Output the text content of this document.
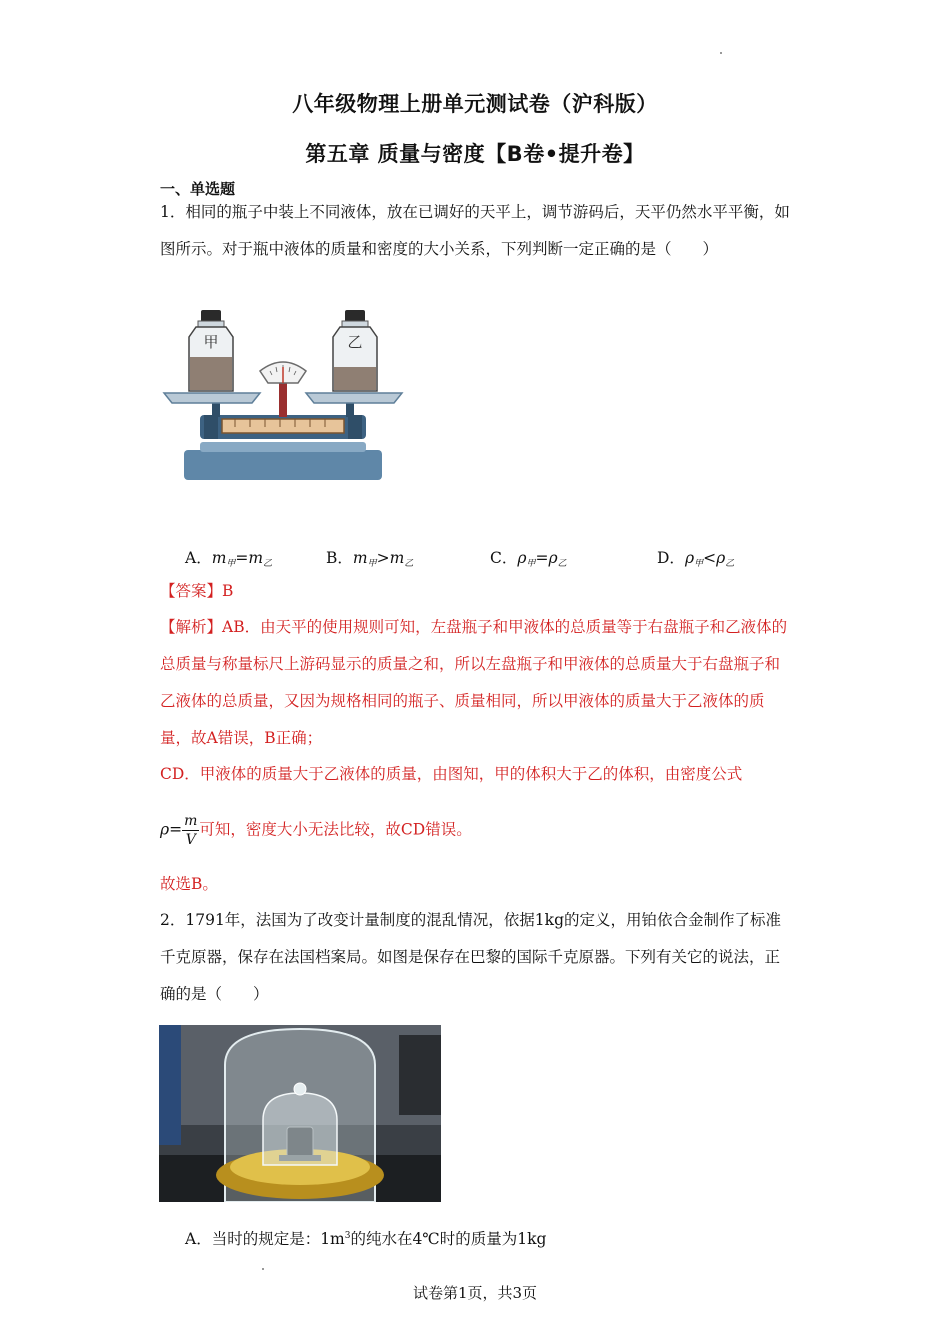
八年级物理上册单元测试卷（沪科版）
第五章 质量与密度【B卷•提升卷】
一、单选题
1．相同的瓶子中装上不同液体，放在已调好的天平上，调节游码后，天平仍然水平平衡，如图所示。对于瓶中液体的质量和密度的大小关系，下列判断一定正确的是（　　）
甲	乙
A．$m_甲=m_乙$	B．$m_甲>m_乙$	C．$\rho_甲=\rho_乙$	D．$\rho_甲<\rho_乙$
【答案】B
【解析】AB．由天平的使用规则可知，左盘瓶子和甲液体的总质量等于右盘瓶子和乙液体的总质量与称量标尺上游码显示的质量之和，所以左盘瓶子和甲液体的总质量大于右盘瓶子和乙液体的总质量，又因为规格相同的瓶子、质量相同，所以甲液体的质量大于乙液体的质量，故A错误，B正确；
CD．甲液体的质量大于乙液体的质量，由图知，甲的体积大于乙的体积，由密度公式
$\rho= \frac{m}{V}$ 可知，密度大小无法比较，故CD错误。
故选B。
2．1791年，法国为了改变计量制度的混乱情况，依据1kg的定义，用铂依合金制作了标准千克原器，保存在法国档案局。如图是保存在巴黎的国际千克原器。下列有关它的说法，正确的是（　　）
A．当时的规定是：$1m^3$的纯水在4℃时的质量为1kg
试卷第1页，共3页
